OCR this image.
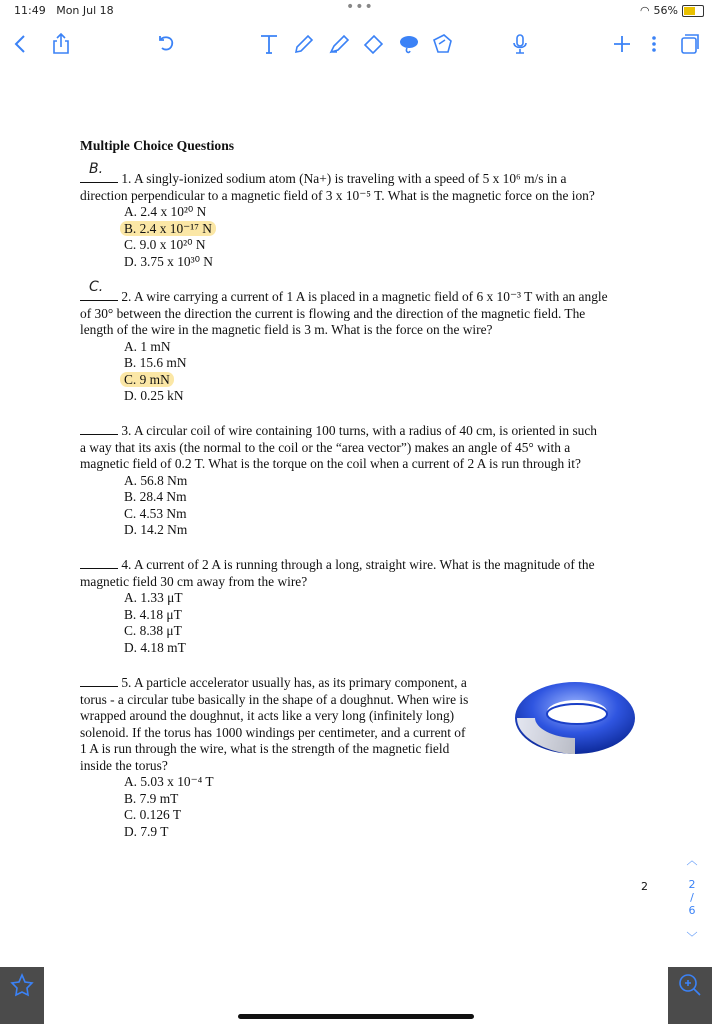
11:49 Mon Jul 18	•••	◠ 56%
Multiple Choice Questions
B.
1. A singly-ionized sodium atom (Na+) is traveling with a speed of 5 x 10⁶ m/s in a
direction perpendicular to a magnetic field of 3 x 10⁻⁵ T. What is the magnetic force on the ion?
A. 2.4 x 10²⁰ N
B. 2.4 x 10⁻¹⁷ N
C. 9.0 x 10²⁰ N
D. 3.75 x 10³⁰ N
C.
2. A wire carrying a current of 1 A is placed in a magnetic field of 6 x 10⁻³ T with an angle
of 30° between the direction the current is flowing and the direction of the magnetic field. The
length of the wire in the magnetic field is 3 m. What is the force on the wire?
A. 1 mN
B. 15.6 mN
C. 9 mN
D. 0.25 kN
3. A circular coil of wire containing 100 turns, with a radius of 40 cm, is oriented in such
a way that its axis (the normal to the coil or the “area vector”) makes an angle of 45° with a
magnetic field of 0.2 T. What is the torque on the coil when a current of 2 A is run through it?
A. 56.8 Nm
B. 28.4 Nm
C. 4.53 Nm
D. 14.2 Nm
4. A current of 2 A is running through a long, straight wire. What is the magnitude of the
magnetic field 30 cm away from the wire?
A. 1.33 μT
B. 4.18 μT
C. 8.38 μT
D. 4.18 mT
5. A particle accelerator usually has, as its primary component, a
torus - a circular tube basically in the shape of a doughnut. When wire is
wrapped around the doughnut, it acts like a very long (infinitely long)
solenoid. If the torus has 1000 windings per centimeter, and a current of
1 A is run through the wire, what is the strength of the magnetic field
inside the torus?
A. 5.03 x 10⁻⁴ T
B. 7.9 mT
C. 0.126 T
D. 7.9 T
2
︿
2
/
6
﹀
